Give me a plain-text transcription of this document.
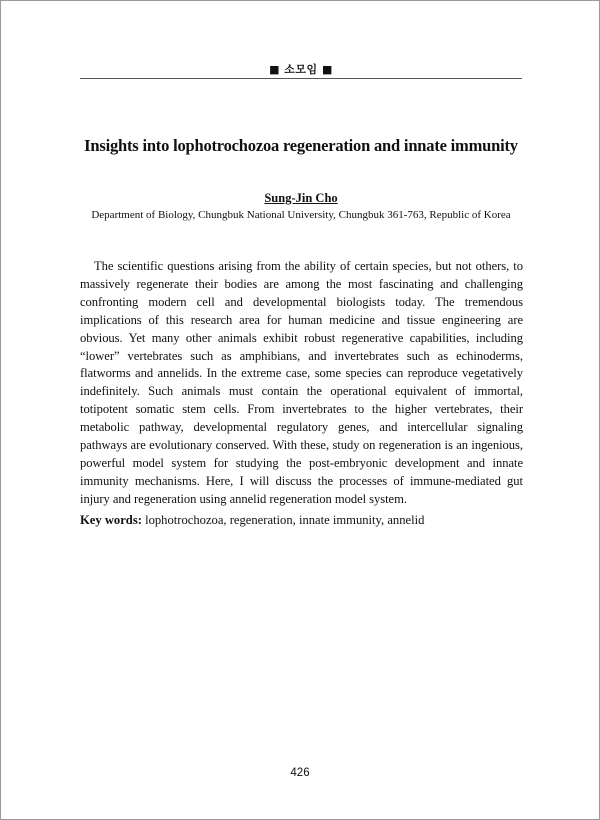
■ 소모임 ■
Insights into lophotrochozoa regeneration and innate immunity
Sung-Jin Cho
Department of Biology, Chungbuk National University, Chungbuk 361-763, Republic of Korea

The scientific questions arising from the ability of certain species, but not others, to massively regenerate their bodies are among the most fascinating and challenging confronting modern cell and developmental biologists today. The tremendous implications of this research area for human medicine and tissue engineering are obvious. Yet many other animals exhibit robust regenerative capabilities, including “lower” vertebrates such as amphibians, and invertebrates such as echinoderms, flatworms and annelids. In the extreme case, some species can reproduce vegetatively indefinitely. Such animals must contain the operational equivalent of immortal, totipotent somatic stem cells. From invertebrates to the higher vertebrates, their metabolic pathway, developmental regulatory genes, and intercellular signaling pathways are evolutionary conserved. With these, study on regeneration is an ingenious, powerful model system for studying the post-embryonic development and innate immunity mechanisms. Here, I will discuss the processes of immune-mediated gut injury and regeneration using annelid regeneration model system.

Key words: lophotrochozoa, regeneration, innate immunity, annelid

426
